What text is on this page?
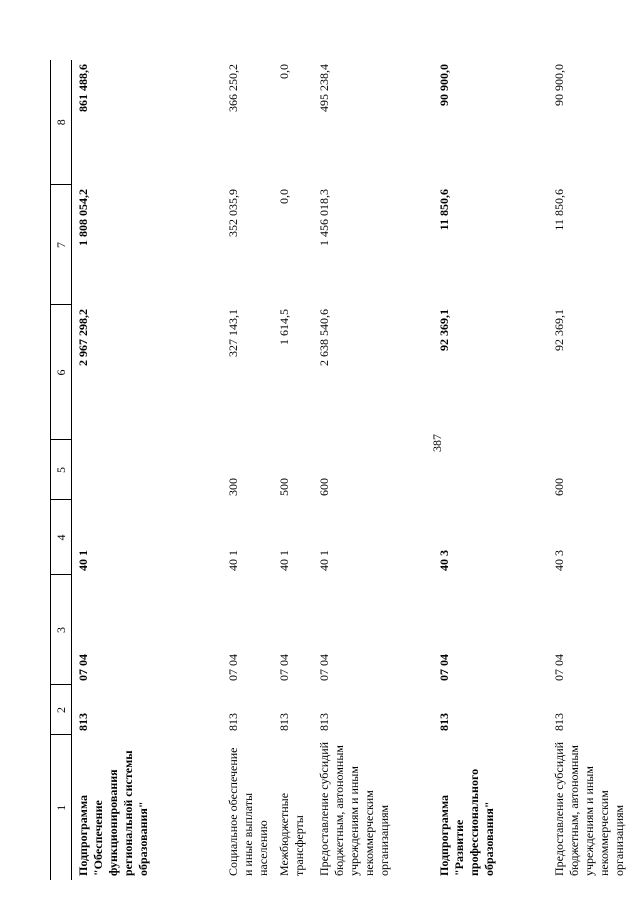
387
1	2	3	4	5	6	7	8
Подпрограмма "Обеспечение функционирования региональной системы образования"	813	07 04	40 1		2 967 298,2	1 808 054,2	861 488,6
Социальное обеспечение и иные выплаты населению	813	07 04	40 1	300	327 143,1	352 035,9	366 250,2
Межбюджетные трансферты	813	07 04	40 1	500	1 614,5	0,0	0,0
Предоставление субсидий бюджетным, автономным учреждениям и иным некоммерческим организациям	813	07 04	40 1	600	2 638 540,6	1 456 018,3	495 238,4
Подпрограмма "Развитие профессионального образования"	813	07 04	40 3		92 369,1	11 850,6	90 900,0
Предоставление субсидий бюджетным, автономным учреждениям и иным некоммерческим организациям	813	07 04	40 3	600	92 369,1	11 850,6	90 900,0
